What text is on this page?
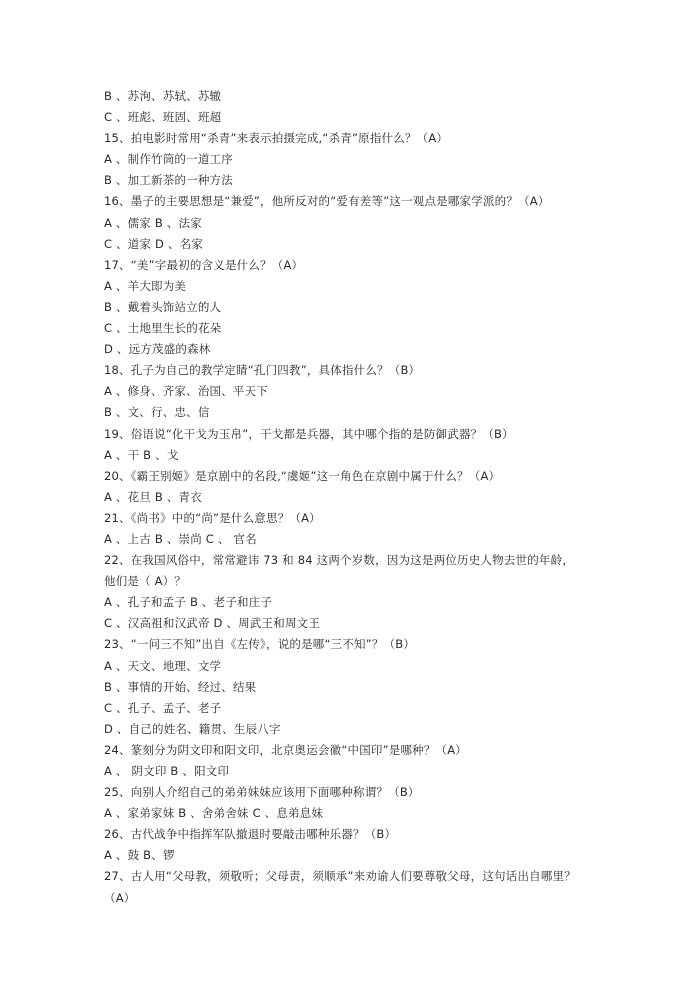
B 、苏洵、苏轼、苏辙
C 、班彪、班固、班超
15、拍电影时常用“杀青”来表示拍摄完成,“杀青”原指什么？（A）
A 、制作竹筒的一道工序
B 、加工新茶的一种方法
16、墨子的主要思想是“兼爱”，他所反对的“爱有差等”这一观点是哪家学派的？（A）
A 、儒家 B 、法家
C 、道家 D 、名家
17、“美”字最初的含义是什么？（A）
A 、羊大即为美
B 、戴着头饰站立的人
C 、土地里生长的花朵
D 、远方茂盛的森林
18、孔子为自己的教学定睛“孔门四教”，具体指什么？（B）
A 、修身、齐家、治国、平天下
B 、文、行、忠、信
19、俗语说“化干戈为玉帛”，干戈都是兵器，其中哪个指的是防御武器？（B）
A 、干 B 、戈
20、《霸王别姬》是京剧中的名段,“虞姬”这一角色在京剧中属于什么？（A）
A 、花旦 B 、青衣
21、《尚书》中的“尚”是什么意思？（A）
A 、上古 B 、崇尚 C 、 官名
22、在我国风俗中，常常避讳 73 和 84 这两个岁数，因为这是两位历史人物去世的年龄，
他们是（ A）？
A 、孔子和孟子 B 、老子和庄子
C 、汉高祖和汉武帝 D 、周武王和周文王
23、“一问三不知”出自《左传》，说的是哪“三不知”？（B）
A 、天文、地理、文学
B 、事情的开始、经过、结果
C 、孔子、孟子、老子
D 、自己的姓名、籍贯、生辰八字
24、篆刻分为阴文印和阳文印，北京奥运会徽“中国印”是哪种？（A）
A 、 阴文印 B 、阳文印
25、向别人介绍自己的弟弟妹妹应该用下面哪种称谓？（B）
A 、家弟家妹 B 、舍弟舍妹 C 、息弟息妹
26、古代战争中指挥军队撤退时要敲击哪种乐器？（B）
A 、鼓 B、锣
27、古人用“父母教，须敬听；父母责，须顺承”来劝谕人们要尊敬父母，这句话出自哪里？
（A）
